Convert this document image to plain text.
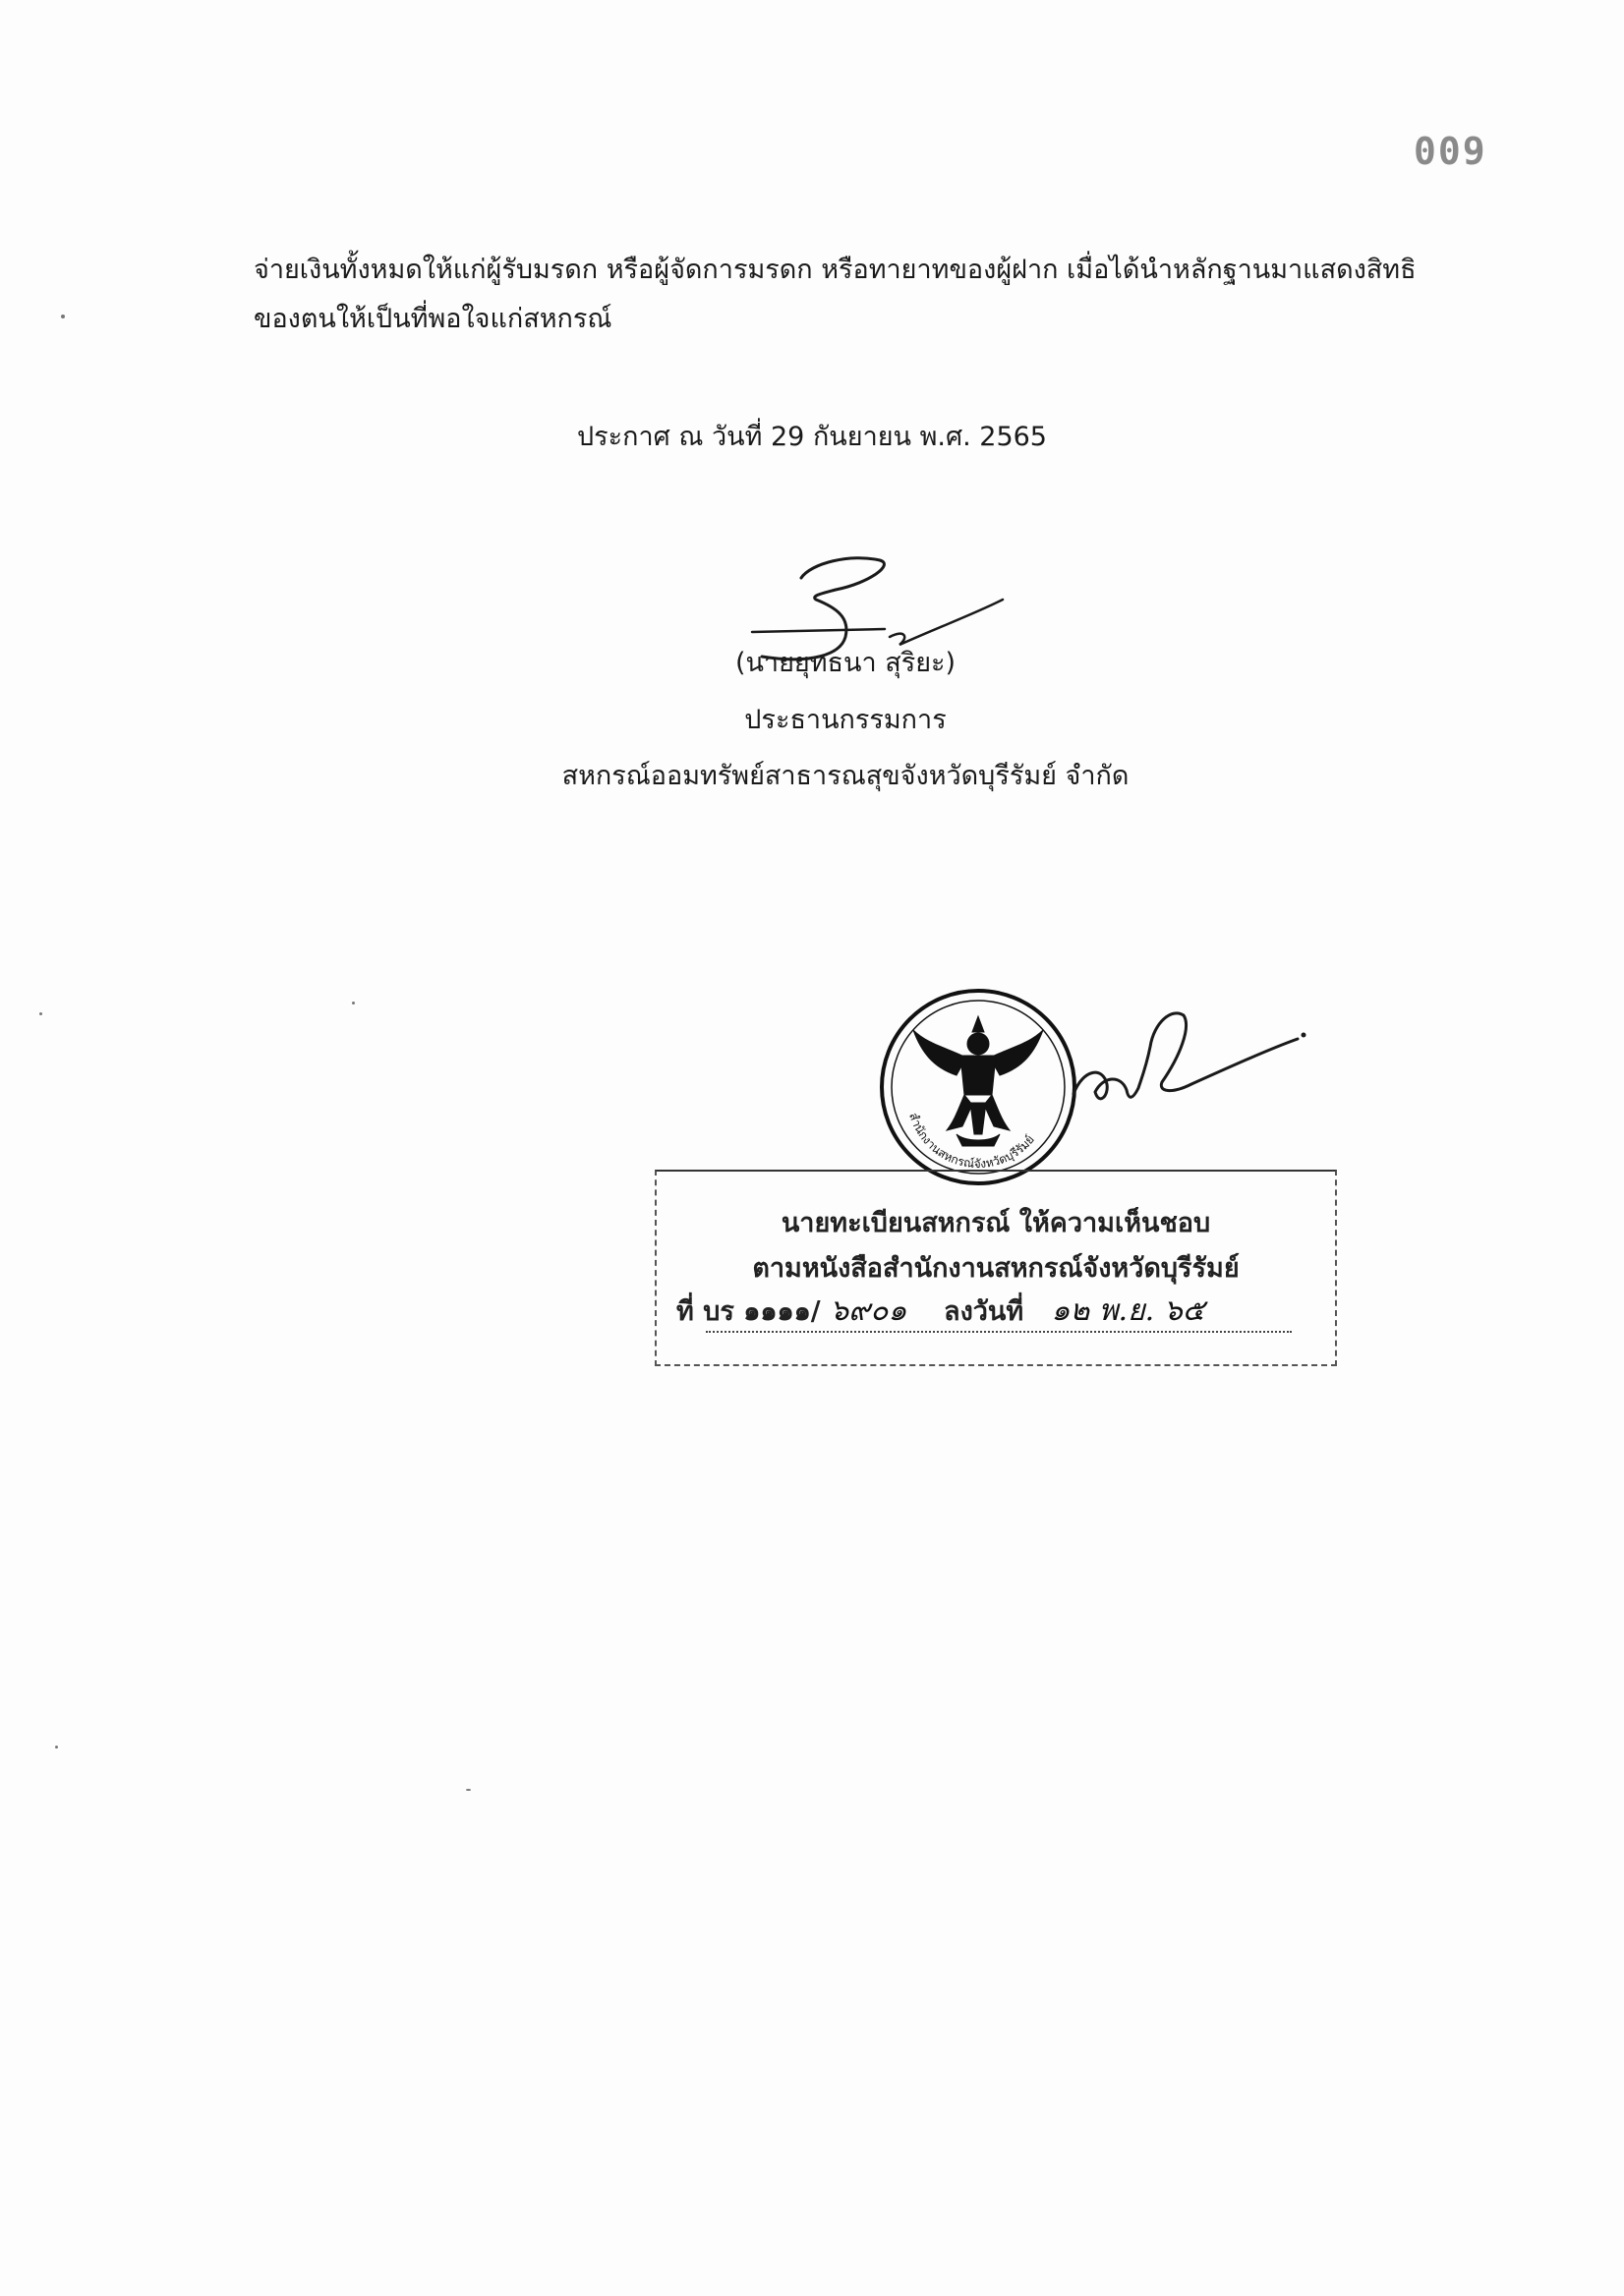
009

จ่ายเงินทั้งหมดให้แก่ผู้รับมรดก หรือผู้จัดการมรดก หรือทายาทของผู้ฝาก เมื่อได้นำหลักฐานมาแสดงสิทธิ

ของตนให้เป็นที่พอใจแก่สหกรณ์

ประกาศ ณ วันที่ 29 กันยายน พ.ศ. 2565
(นายยุทธนา สุริยะ)
ประธานกรรมการ
สหกรณ์ออมทรัพย์สาธารณสุขจังหวัดบุรีรัมย์ จำกัด
สำนักงานสหกรณ์จังหวัดบุรีรัมย์
นายทะเบียนสหกรณ์ ให้ความเห็นชอบ
ตามหนังสือสำนักงานสหกรณ์จังหวัดบุรีรัมย์
ที่ บร ๑๑๑๑/ ๖๙๐๑ ลงวันที่ ๑๒ พ.ย. ๖๕
